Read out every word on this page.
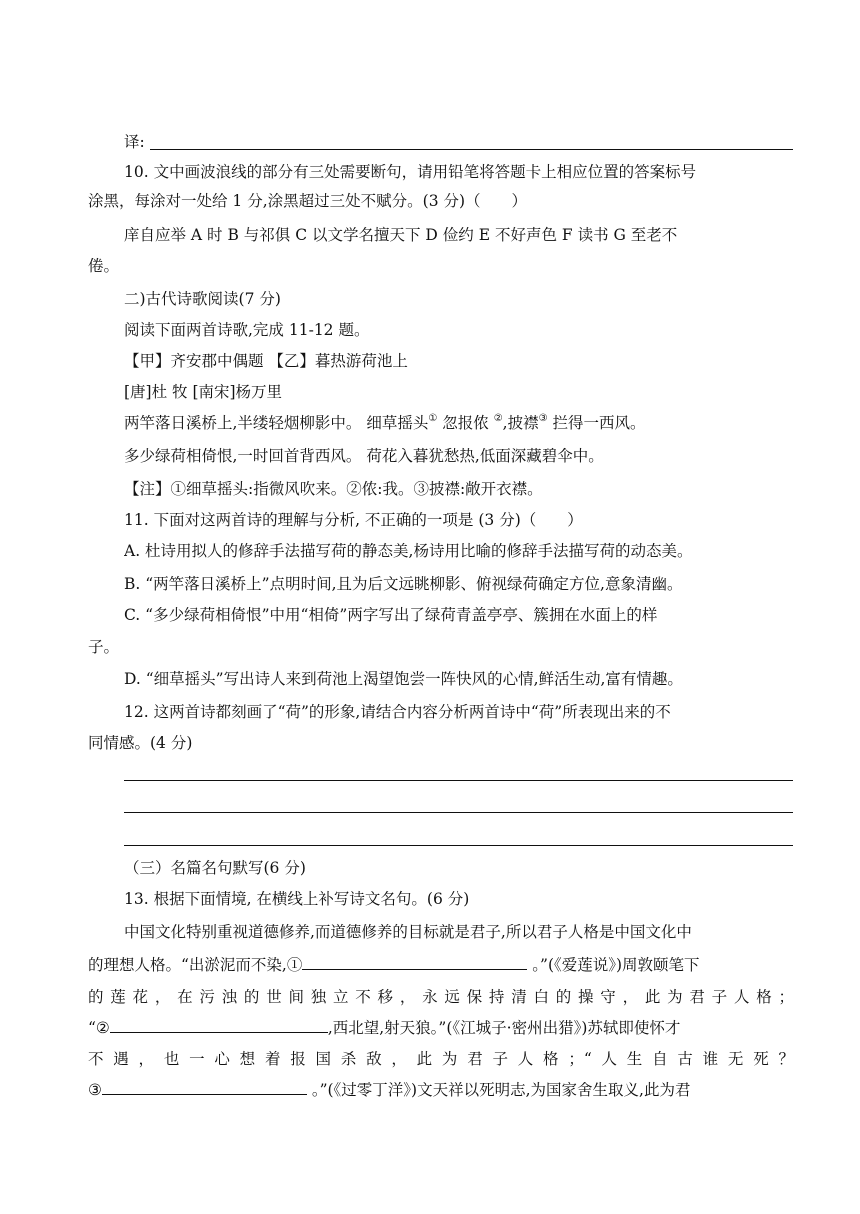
译:
10. 文中画波浪线的部分有三处需要断句，请用铅笔将答题卡上相应位置的答案标号
涂黑，每涂对一处给 1 分,涂黑超过三处不赋分。(3 分)（　　）
庠自应举 A 时 B 与祁俱 C 以文学名擅天下 D 俭约 E 不好声色 F 读书 G 至老不
倦。
二)古代诗歌阅读(7 分)
阅读下面两首诗歌,完成 11-12 题。
【甲】齐安郡中偶题 【乙】暮热游荷池上
[唐]杜 牧 [南宋]杨万里
两竿落日溪桥上,半缕轻烟柳影中。 细草摇头① 忽报侬 ②,披襟③ 拦得一西风。
多少绿荷相倚恨,一时回首背西风。 荷花入暮犹愁热,低面深藏碧伞中。
【注】①细草摇头:指微风吹来。②侬:我。③披襟:敞开衣襟。
11. 下面对这两首诗的理解与分析, 不正确的一项是 (3 分)（　　）
A. 杜诗用拟人的修辞手法描写荷的静态美,杨诗用比喻的修辞手法描写荷的动态美。
B. “两竿落日溪桥上”点明时间,且为后文远眺柳影、俯视绿荷确定方位,意象清幽。
C. “多少绿荷相倚恨”中用“相倚”两字写出了绿荷青盖亭亭、簇拥在水面上的样
子。
D. “细草摇头”写出诗人来到荷池上渴望饱尝一阵快风的心情,鲜活生动,富有情趣。
12. 这两首诗都刻画了“荷”的形象,请结合内容分析两首诗中“荷”所表现出来的不
同情感。(4 分)
（三）名篇名句默写(6 分)
13. 根据下面情境, 在横线上补写诗文名句。(6 分)
中国文化特别重视道德修养,而道德修养的目标就是君子,所以君子人格是中国文化中
的理想人格。“出淤泥而不染,①	。”(《爱莲说》)周敦颐笔下
的莲花，在污浊的世间独立不移，永远保持清白的操守，此为君子人格；
“②	,西北望,射天狼。”(《江城子·密州出猎》)苏轼即使怀才
不遇，也一心想着报国杀敌，此为君子人格；“人生自古谁无死？
③	。”(《过零丁洋》)文天祥以死明志,为国家舍生取义,此为君
